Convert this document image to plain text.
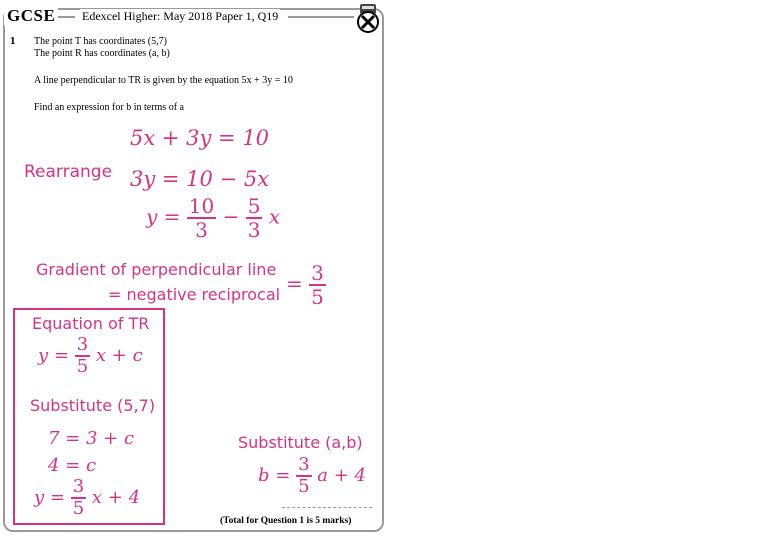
GCSE Edexcel Higher: May 2018 Paper 1, Q19
1 The point T has coordinates (5,7)
The point R has coordinates (a, b)
A line perpendicular to TR is given by the equation 5x + 3y = 10
Find an expression for b in terms of a
5x + 3y = 10
Rearrange 3y = 10 − 5x
$y = \frac{10}{3} - \frac{5}{3}$ x
Gradient of perpendicular line
= negative reciprocal = $\frac{3}{5}$
Equation of TR
$y = \frac{3}{5}$ x + c
Substitute (5,7)
7 = 3 + c
4 = c
$y = \frac{3}{5}$ x + 4
Substitute (a,b)
$b = \frac{3}{5}$ a + 4
(Total for Question 1 is 5 marks)
